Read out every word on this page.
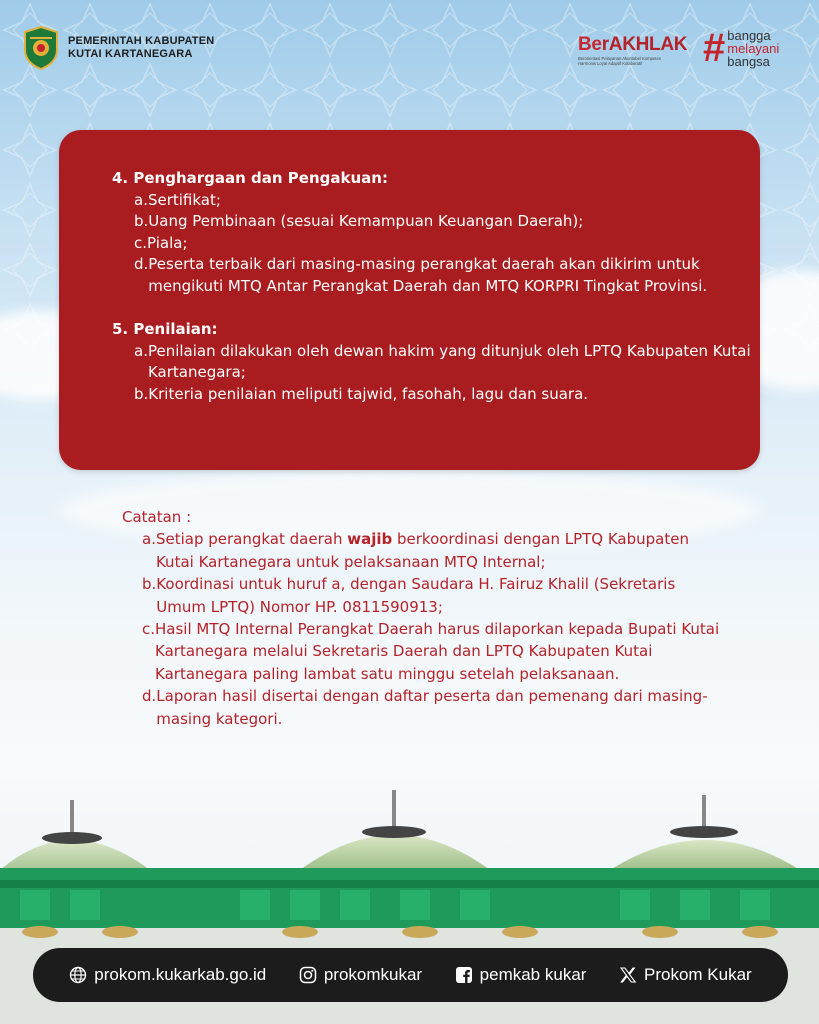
PEMERINTAH KABUPATEN
KUTAI KARTANEGARA	BerAKHLAK
Berorientasi Pelayanan Akuntabel Kompeten
Harmonis Loyal Adaptif Kolaboratif	# bangga
melayani
bangsa
4. Penghargaan dan Pengakuan:
a. Sertifikat;
b. Uang Pembinaan (sesuai Kemampuan Keuangan Daerah);
c. Piala;
d. Peserta terbaik dari masing-masing perangkat daerah akan dikirim untuk mengikuti MTQ Antar Perangkat Daerah dan MTQ KORPRI Tingkat Provinsi.
5. Penilaian:
a. Penilaian dilakukan oleh dewan hakim yang ditunjuk oleh LPTQ Kabupaten Kutai Kartanegara;
b. Kriteria penilaian meliputi tajwid, fasohah, lagu dan suara.
Catatan :
a. Setiap perangkat daerah wajib berkoordinasi dengan LPTQ Kabupaten Kutai Kartanegara untuk pelaksanaan MTQ Internal;
b. Koordinasi untuk huruf a, dengan Saudara H. Fairuz Khalil (Sekretaris Umum LPTQ) Nomor HP. 0811590913;
c. Hasil MTQ Internal Perangkat Daerah harus dilaporkan kepada Bupati Kutai Kartanegara melalui Sekretaris Daerah dan LPTQ Kabupaten Kutai Kartanegara paling lambat satu minggu setelah pelaksanaan.
d. Laporan hasil disertai dengan daftar peserta dan pemenang dari masing-masing kategori.
prokom.kukarkab.go.id	prokomkukar	pemkab kukar	Prokom Kukar
